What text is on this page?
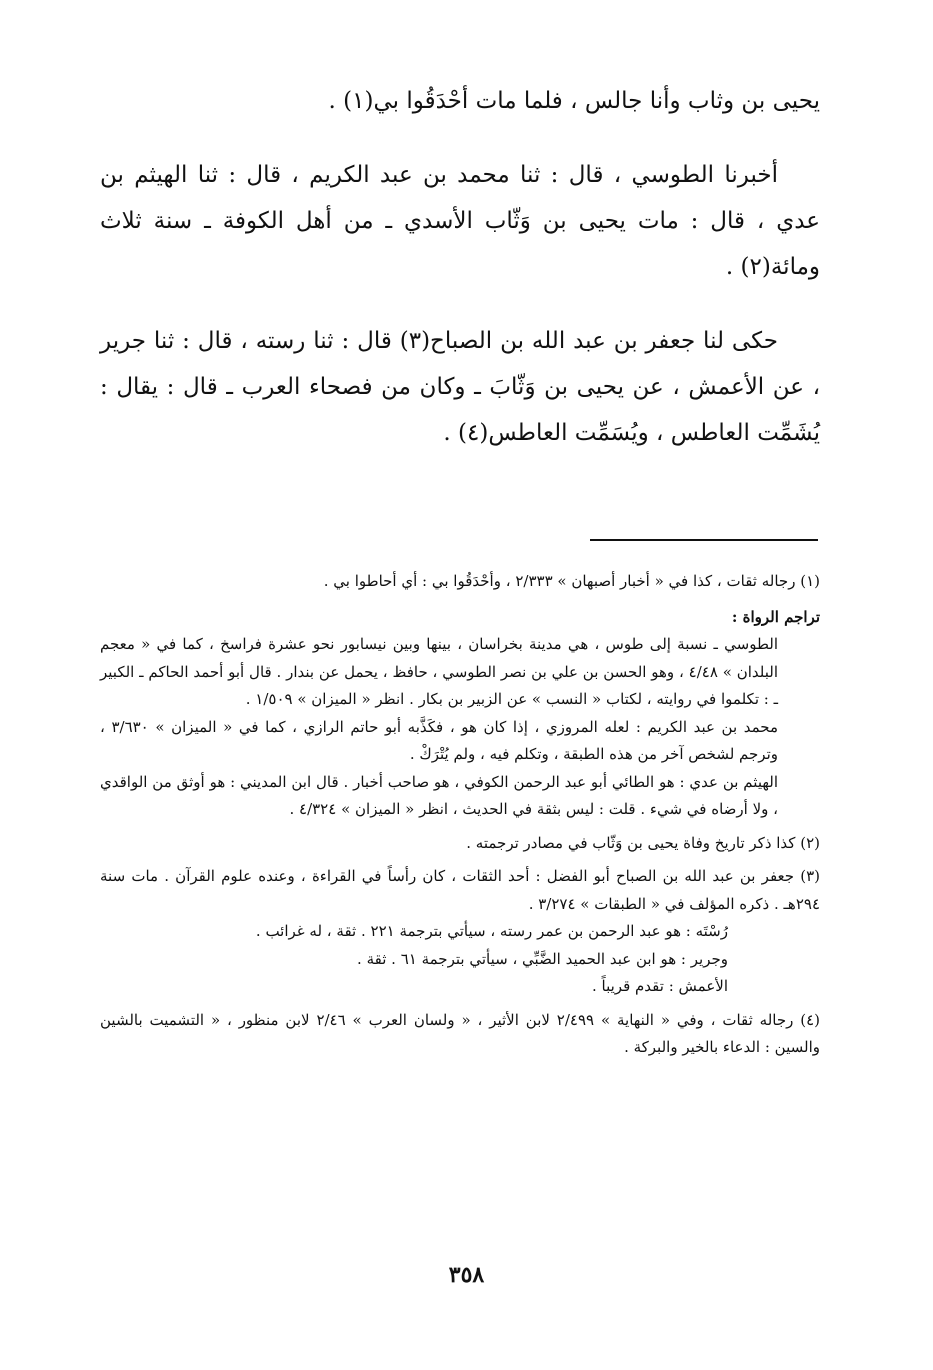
يحيى بن وثاب وأنا جالس ، فلما مات أحْدَقُوا بي(١) .

أخبرنا الطوسي ، قال : ثنا محمد بن عبد الكريم ، قال : ثنا الهيثم بن عدي ، قال : مات يحيى بن وَثّاب الأسدي ـ من أهل الكوفة ـ سنة ثلاث ومائة(٢) .

حكى لنا جعفر بن عبد الله بن الصباح(٣) قال : ثنا رسته ، قال : ثنا جرير ، عن الأعمش ، عن يحيى بن وَثّابَ ـ وكان من فصحاء العرب ـ قال : يقال : يُشَمِّت العاطس ، ويُسَمِّت العاطس(٤) .

(١) رجاله ثقات ، كذا في « أخبار أصبهان » ٢/٣٣٣ ، وأحْدَقُوا بي : أي أحاطوا بي .

تراجم الرواة :

الطوسي ـ نسبة إلى طوس ، هي مدينة بخراسان ، بينها وبين نيسابور نحو عشرة فراسخ ، كما في « معجم البلدان » ٤/٤٨ ، وهو الحسن بن علي بن نصر الطوسي ، حافظ ، يحمل عن بندار . قال أبو أحمد الحاكم ـ الكبير ـ : تكلموا في روايته ، لكتاب « النسب » عن الزبير بن بكار . انظر « الميزان » ١/٥٠٩ .

محمد بن عبد الكريم : لعله المروزي ، إذا كان هو ، فكَذَّبه أبو حاتم الرازي ، كما في « الميزان » ٣/٦٣٠ ، وترجم لشخص آخر من هذه الطبقة ، وتكلم فيه ، ولم يُتْرَكْ .

الهيثم بن عدي : هو الطائي أبو عبد الرحمن الكوفي ، هو صاحب أخبار . قال ابن المديني : هو أوثق من الواقدي ، ولا أرضاه في شيء . قلت : ليس بثقة في الحديث ، انظر « الميزان » ٤/٣٢٤ .

(٢) كذا ذكر تاريخ وفاة يحيى بن وَثّاب في مصادر ترجمته .

(٣) جعفر بن عبد الله بن الصباح أبو الفضل : أحد الثقات ، كان رأساً في القراءة ، وعنده علوم القرآن . مات سنة ٢٩٤هـ . ذكره المؤلف في « الطبقات » ٣/٢٧٤ .

رُسْتَه : هو عبد الرحمن بن عمر رسته ، سيأتي بترجمة ٢٢١ . ثقة ، له غرائب .

وجرير : هو ابن عبد الحميد الضَّبِّي ، سيأتي بترجمة ٦١ . ثقة .

الأعمش : تقدم قريباً .

(٤) رجاله ثقات ، وفي « النهاية » ٢/٤٩٩ لابن الأثير ، « ولسان العرب » ٢/٤٦ لابن منظور ، « التشميت بالشين والسين : الدعاء بالخير والبركة .

٣٥٨
